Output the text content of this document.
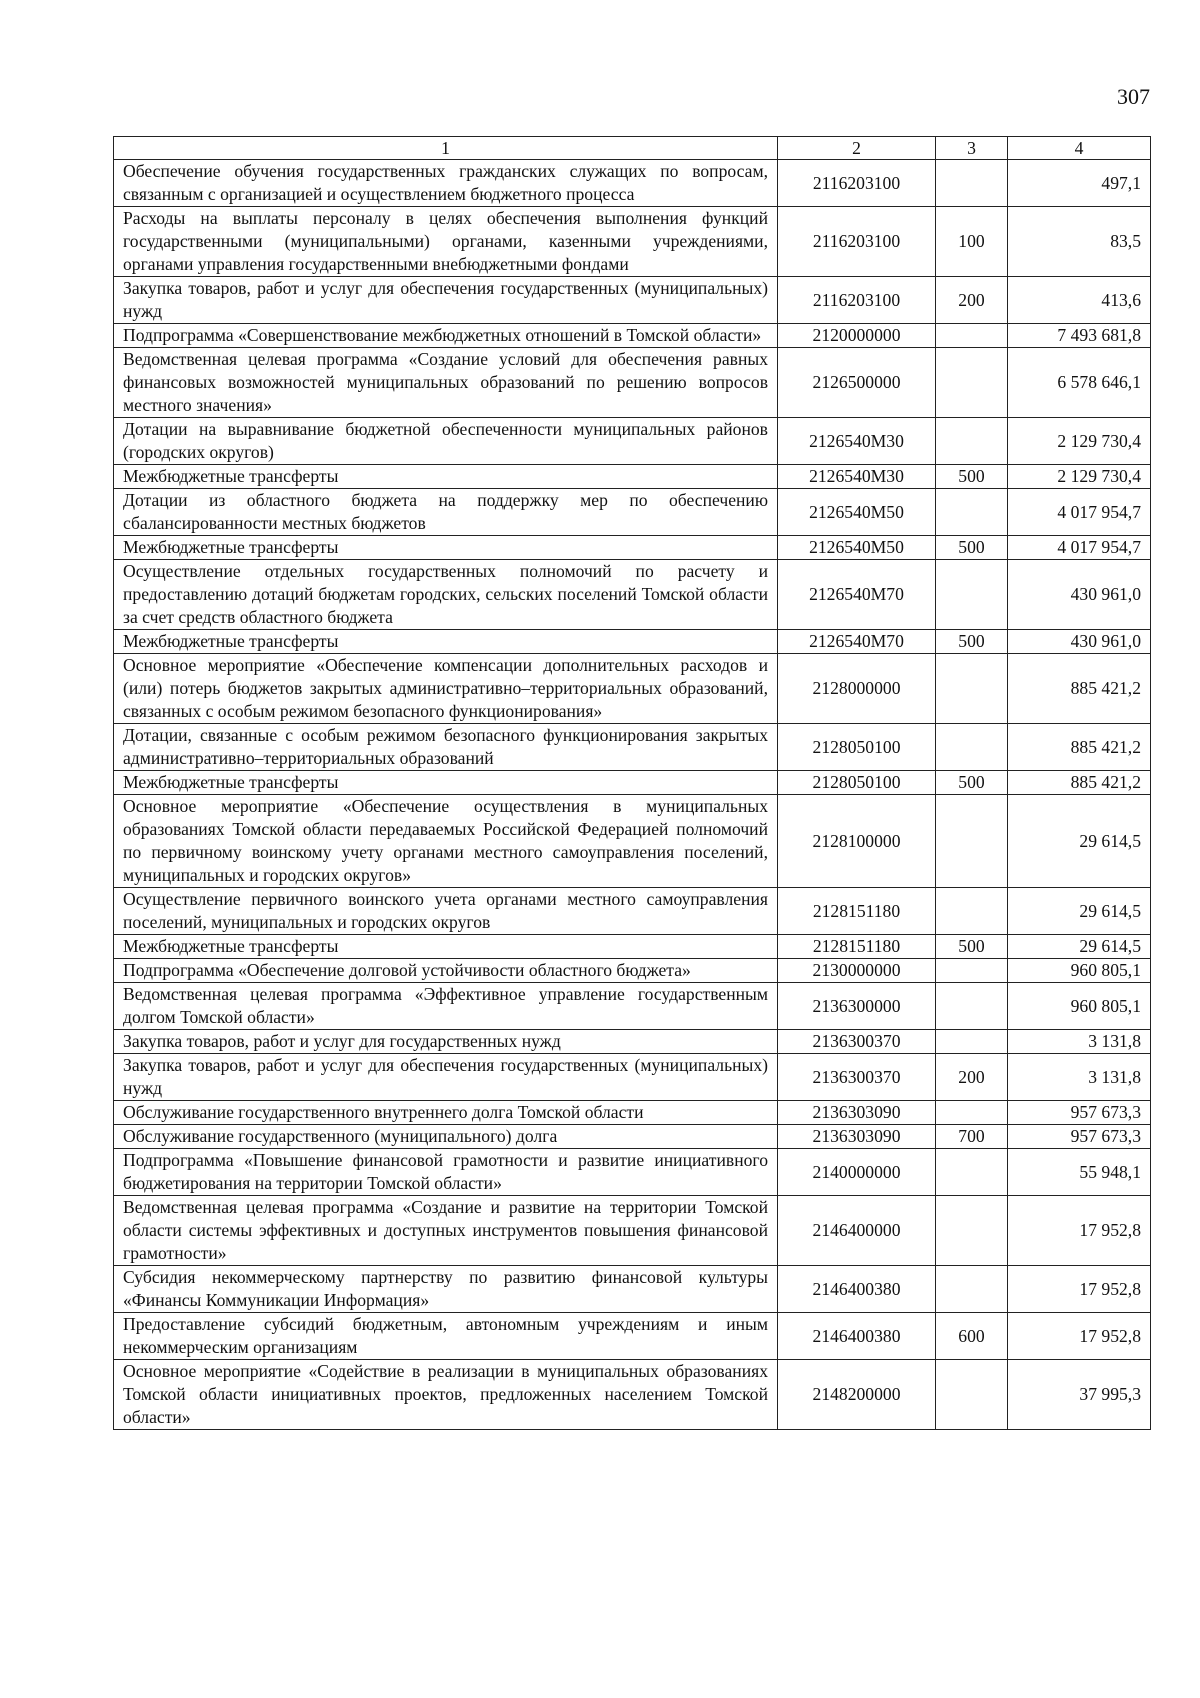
307
1	2	3	4
Обеспечение обучения государственных гражданских служащих по вопросам, связанным с организацией и осуществлением бюджетного процесса	2116203100		497,1
Расходы на выплаты персоналу в целях обеспечения выполнения функций государственными (муниципальными) органами, казенными учреждениями, органами управления государственными внебюджетными фондами	2116203100	100	83,5
Закупка товаров, работ и услуг для обеспечения государственных (муниципальных) нужд	2116203100	200	413,6
Подпрограмма «Совершенствование межбюджетных отношений в Томской области»	2120000000		7 493 681,8
Ведомственная целевая программа «Создание условий для обеспечения равных финансовых возможностей муниципальных образований по решению вопросов местного значения»	2126500000		6 578 646,1
Дотации на выравнивание бюджетной обеспеченности муниципальных районов (городских округов)	2126540М30		2 129 730,4
Межбюджетные трансферты	2126540М30	500	2 129 730,4
Дотации из областного бюджета на поддержку мер по обеспечению сбалансированности местных бюджетов	2126540М50		4 017 954,7
Межбюджетные трансферты	2126540М50	500	4 017 954,7
Осуществление отдельных государственных полномочий по расчету и предоставлению дотаций бюджетам городских, сельских поселений Томской области за счет средств областного бюджета	2126540М70		430 961,0
Межбюджетные трансферты	2126540М70	500	430 961,0
Основное мероприятие «Обеспечение компенсации дополнительных расходов и (или) потерь бюджетов закрытых административно–территориальных образований, связанных с особым режимом безопасного функционирования»	2128000000		885 421,2
Дотации, связанные с особым режимом безопасного функционирования закрытых административно–территориальных образований	2128050100		885 421,2
Межбюджетные трансферты	2128050100	500	885 421,2
Основное мероприятие «Обеспечение осуществления в муниципальных образованиях Томской области передаваемых Российской Федерацией полномочий по первичному воинскому учету органами местного самоуправления поселений, муниципальных и городских округов»	2128100000		29 614,5
Осуществление первичного воинского учета органами местного самоуправления поселений, муниципальных и городских округов	2128151180		29 614,5
Межбюджетные трансферты	2128151180	500	29 614,5
Подпрограмма «Обеспечение долговой устойчивости областного бюджета»	2130000000		960 805,1
Ведомственная целевая программа «Эффективное управление государственным долгом Томской области»	2136300000		960 805,1
Закупка товаров, работ и услуг для государственных нужд	2136300370		3 131,8
Закупка товаров, работ и услуг для обеспечения государственных (муниципальных) нужд	2136300370	200	3 131,8
Обслуживание государственного внутреннего долга Томской области	2136303090		957 673,3
Обслуживание государственного (муниципального) долга	2136303090	700	957 673,3
Подпрограмма «Повышение финансовой грамотности и развитие инициативного бюджетирования на территории Томской области»	2140000000		55 948,1
Ведомственная целевая программа «Создание и развитие на территории Томской области системы эффективных и доступных инструментов повышения финансовой грамотности»	2146400000		17 952,8
Субсидия некоммерческому партнерству по развитию финансовой культуры «Финансы Коммуникации Информация»	2146400380		17 952,8
Предоставление субсидий бюджетным, автономным учреждениям и иным некоммерческим организациям	2146400380	600	17 952,8
Основное мероприятие «Содействие в реализации в муниципальных образованиях Томской области инициативных проектов, предложенных населением Томской области»	2148200000		37 995,3
